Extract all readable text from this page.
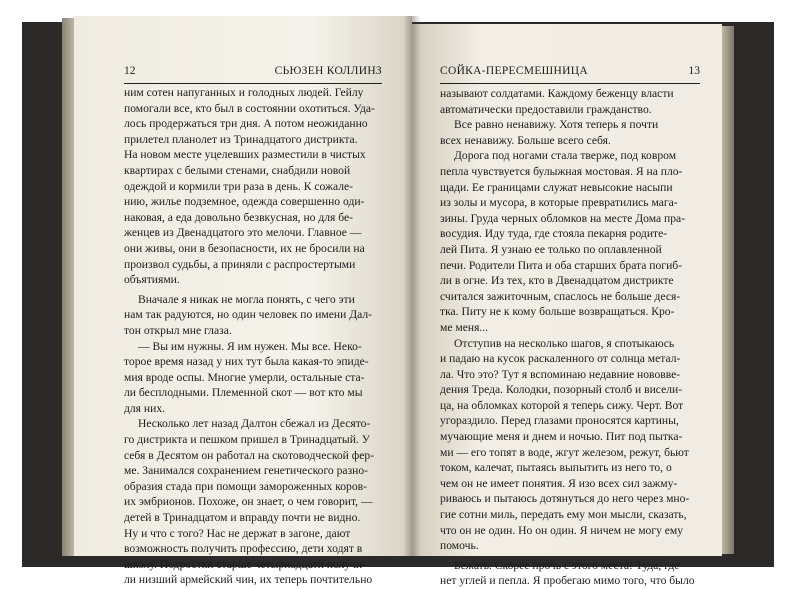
12	СЬЮЗЕН КОЛЛИНЗ
ним сотен напуганных и голодных людей. Гейлу
помогали все, кто был в состоянии охотиться. Уда-
лось продержаться три дня. А потом неожиданно
прилетел планолет из Тринадцатого дистрикта.
На новом месте уцелевших разместили в чистых
квартирах с белыми стенами, снабдили новой
одеждой и кормили три раза в день. К сожале-
нию, жилье подземное, одежда совершенно оди-
наковая, а еда довольно безвкусная, но для бе-
женцев из Двенадцатого это мелочи. Главное —
они живы, они в безопасности, их не бросили на
произвол судьбы, а приняли с распростертыми
объятиями.
Вначале я никак не могла понять, с чего эти
нам так радуются, но один человек по имени Дал-
тон открыл мне глаза.
— Вы им нужны. Я им нужен. Мы все. Неко-
торое время назад у них тут была какая-то эпиде-
мия вроде оспы. Многие умерли, остальные ста-
ли бесплодными. Племенной скот — вот кто мы
для них.
Несколько лет назад Далтон сбежал из Десято-
го дистрикта и пешком пришел в Тринадцатый. У
себя в Десятом он работал на скотоводческой фер-
ме. Занимался сохранением генетического разно-
образия стада при помощи замороженных коров-
их эмбрионов. Похоже, он знает, о чем говорит, —
детей в Тринадцатом и вправду почти не видно.
Ну и что с того? Нас не держат в загоне, дают
возможность получить профессию, дети ходят в
школу. Подростки старше четырнадцати получи-
ли низший армейский чин, их теперь почтительно
СОЙКА-ПЕРЕСМЕШНИЦА	13
называют солдатами. Каждому беженцу власти
автоматически предоставили гражданство.
Все равно ненавижу. Хотя теперь я почти
всех ненавижу. Больше всего себя.
Дорога под ногами стала тверже, под ковром
пепла чувствуется булыжная мостовая. Я на пло-
щади. Ее границами служат невысокие насыпи
из золы и мусора, в которые превратились мага-
зины. Груда черных обломков на месте Дома пра-
восудия. Иду туда, где стояла пекарня родите-
лей Пита. Я узнаю ее только по оплавленной
печи. Родители Пита и оба старших брата погиб-
ли в огне. Из тех, кто в Двенадцатом дистрикте
считался зажиточным, спаслось не больше деся-
тка. Питу не к кому больше возвращаться. Кро-
ме меня...
Отступив на несколько шагов, я спотыкаюсь
и падаю на кусок раскаленного от солнца метал-
ла. Что это? Тут я вспоминаю недавние нововве-
дения Треда. Колодки, позорный столб и висели-
ца, на обломках которой я теперь сижу. Черт. Вот
угораздило. Перед глазами проносятся картины,
мучающие меня и днем и ночью. Пит под пытка-
ми — его топят в воде, жгут железом, режут, бьют
током, калечат, пытаясь выпытить из него то, о
чем он не имеет понятия. Я изо всех сил зажму-
риваюсь и пытаюсь дотянуться до него через мно-
гие сотни миль, передать ему мои мысли, сказать,
что он не один. Но он один. Я ничем не могу ему
помочь.
Бежать. Скорее прочь с этого места! Туда, где
нет углей и пепла. Я пробегаю мимо того, что было
